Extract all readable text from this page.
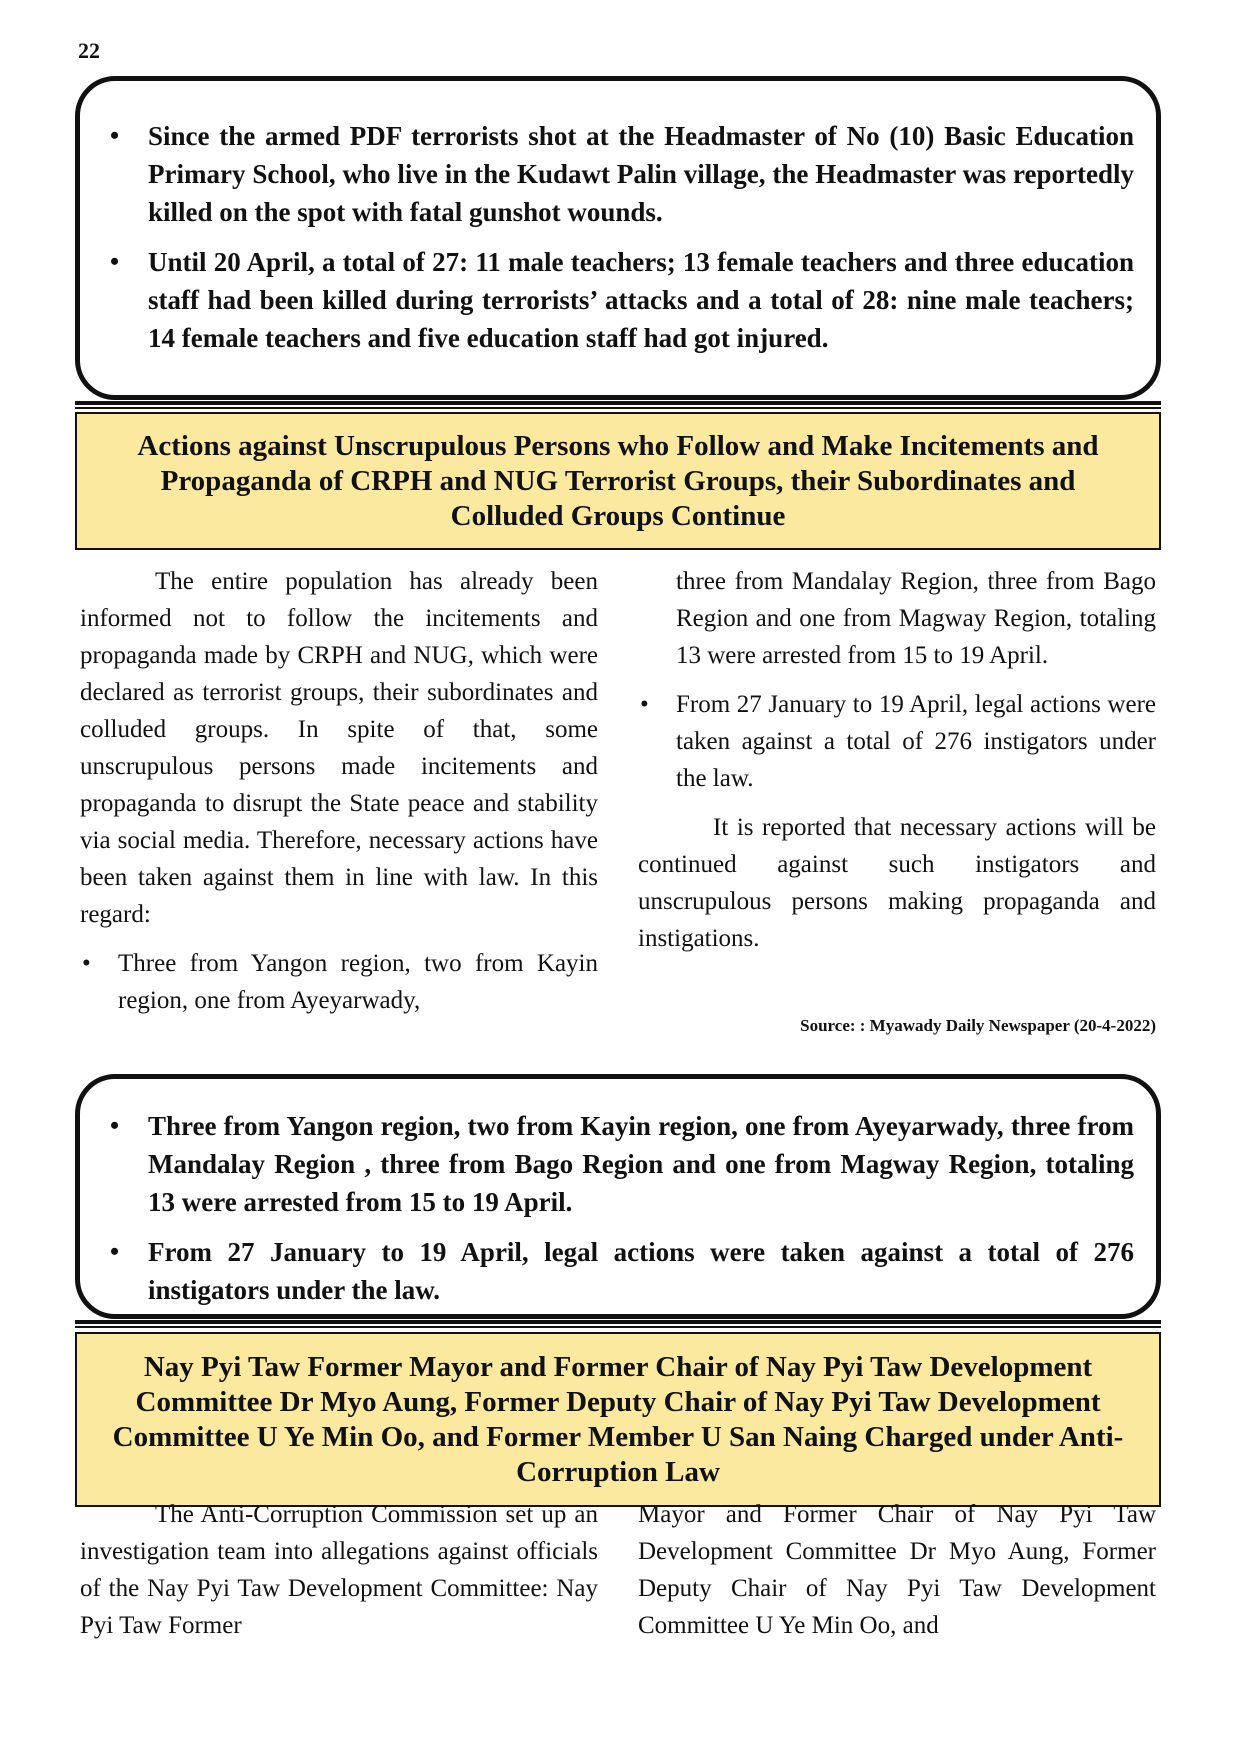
22
• Since the armed PDF terrorists shot at the Headmaster of No (10) Basic Education Primary School, who live in the Kudawt Palin village, the Headmaster was reportedly killed on the spot with fatal gunshot wounds.
• Until 20 April, a total of 27: 11 male teachers; 13 female teachers and three education staff had been killed during terrorists’ attacks and a total of 28: nine male teachers; 14 female teachers and five education staff had got injured.
Actions against Unscrupulous Persons who Follow and Make Incitements and Propaganda of CRPH and NUG Terrorist Groups, their Subordinates and Colluded Groups Continue

The entire population has already been informed not to follow the incitements and propaganda made by CRPH and NUG, which were declared as terrorist groups, their subordinates and colluded groups. In spite of that, some unscrupulous persons made incitements and propaganda to disrupt the State peace and stability via social media. Therefore, necessary actions have been taken against them in line with law. In this regard:

• Three from Yangon region, two from Kayin region, one from Ayeyarwady,

three from Mandalay Region, three from Bago Region and one from Magway Region, totaling 13 were arrested from 15 to 19 April.

• From 27 January to 19 April, legal actions were taken against a total of 276 instigators under the law.

It is reported that necessary actions will be continued against such instigators and unscrupulous persons making propaganda and instigations.

Source: : Myawady Daily Newspaper (20-4-2022)
• Three from Yangon region, two from Kayin region, one from Ayeyarwady, three from Mandalay Region , three from Bago Region and one from Magway Region, totaling 13 were arrested from 15 to 19 April.
• From 27 January to 19 April, legal actions were taken against a total of 276 instigators under the law.
Nay Pyi Taw Former Mayor and Former Chair of Nay Pyi Taw Development Committee Dr Myo Aung, Former Deputy Chair of Nay Pyi Taw Development Committee U Ye Min Oo, and Former Member U San Naing Charged under Anti-Corruption Law

The Anti-Corruption Commission set up an investigation team into allegations against officials of the Nay Pyi Taw Development Committee: Nay Pyi Taw Former

Mayor and Former Chair of Nay Pyi Taw Development Committee Dr Myo Aung, Former Deputy Chair of Nay Pyi Taw Development Committee U Ye Min Oo, and
